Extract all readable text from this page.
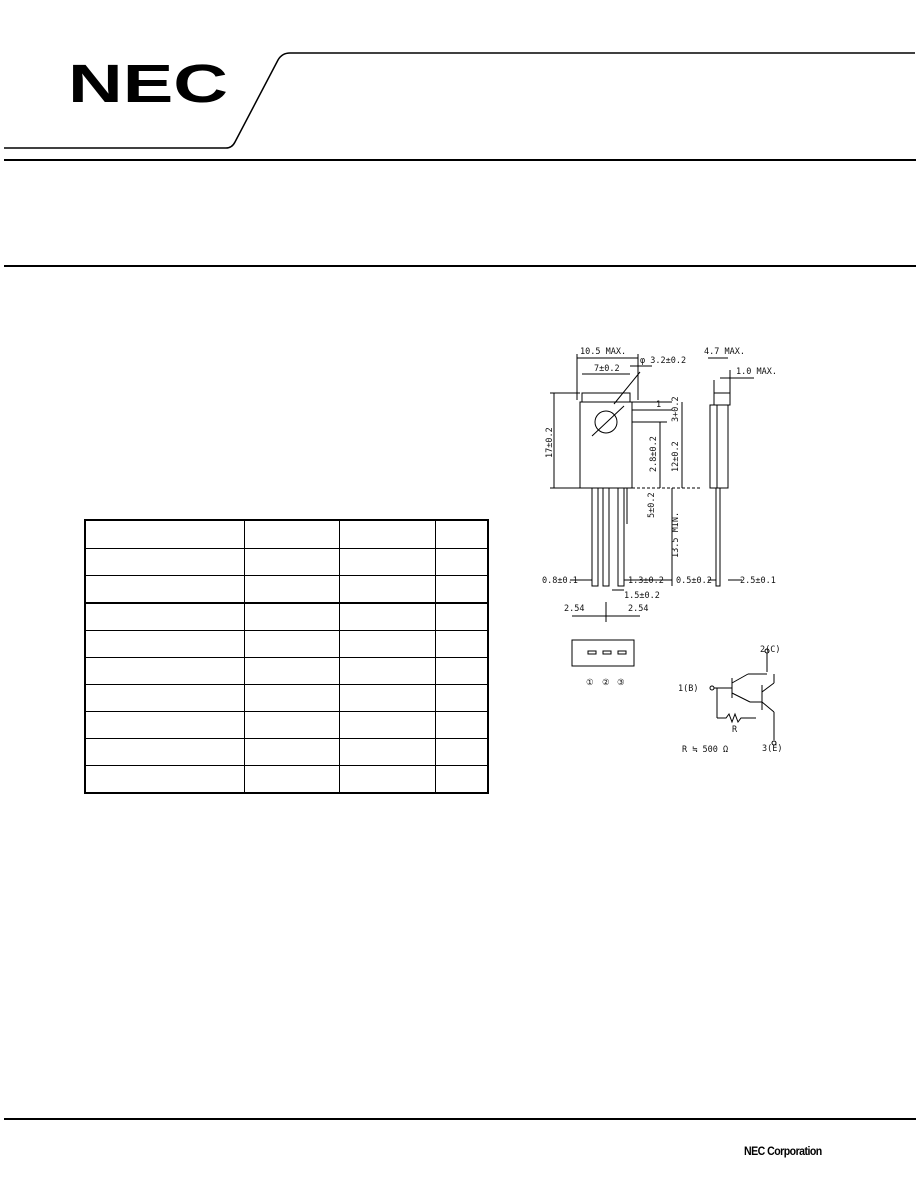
NEC

10.5 MAX.
7±0.2
φ 3.2±0.2
17±0.2
1 3+0.2
2.8±0.2 12±0.2
5±0.2
13.5 MIN.
4.7 MAX.
1.0 MAX.
0.8±0.1	1.3±0.2
1.5±0.2
0.5±0.2	2.5±0.1
2.54	2.54
① ② ③
2(C)
1(B)
3(E)
R
R ≒ 500 Ω
NEC Corporation
